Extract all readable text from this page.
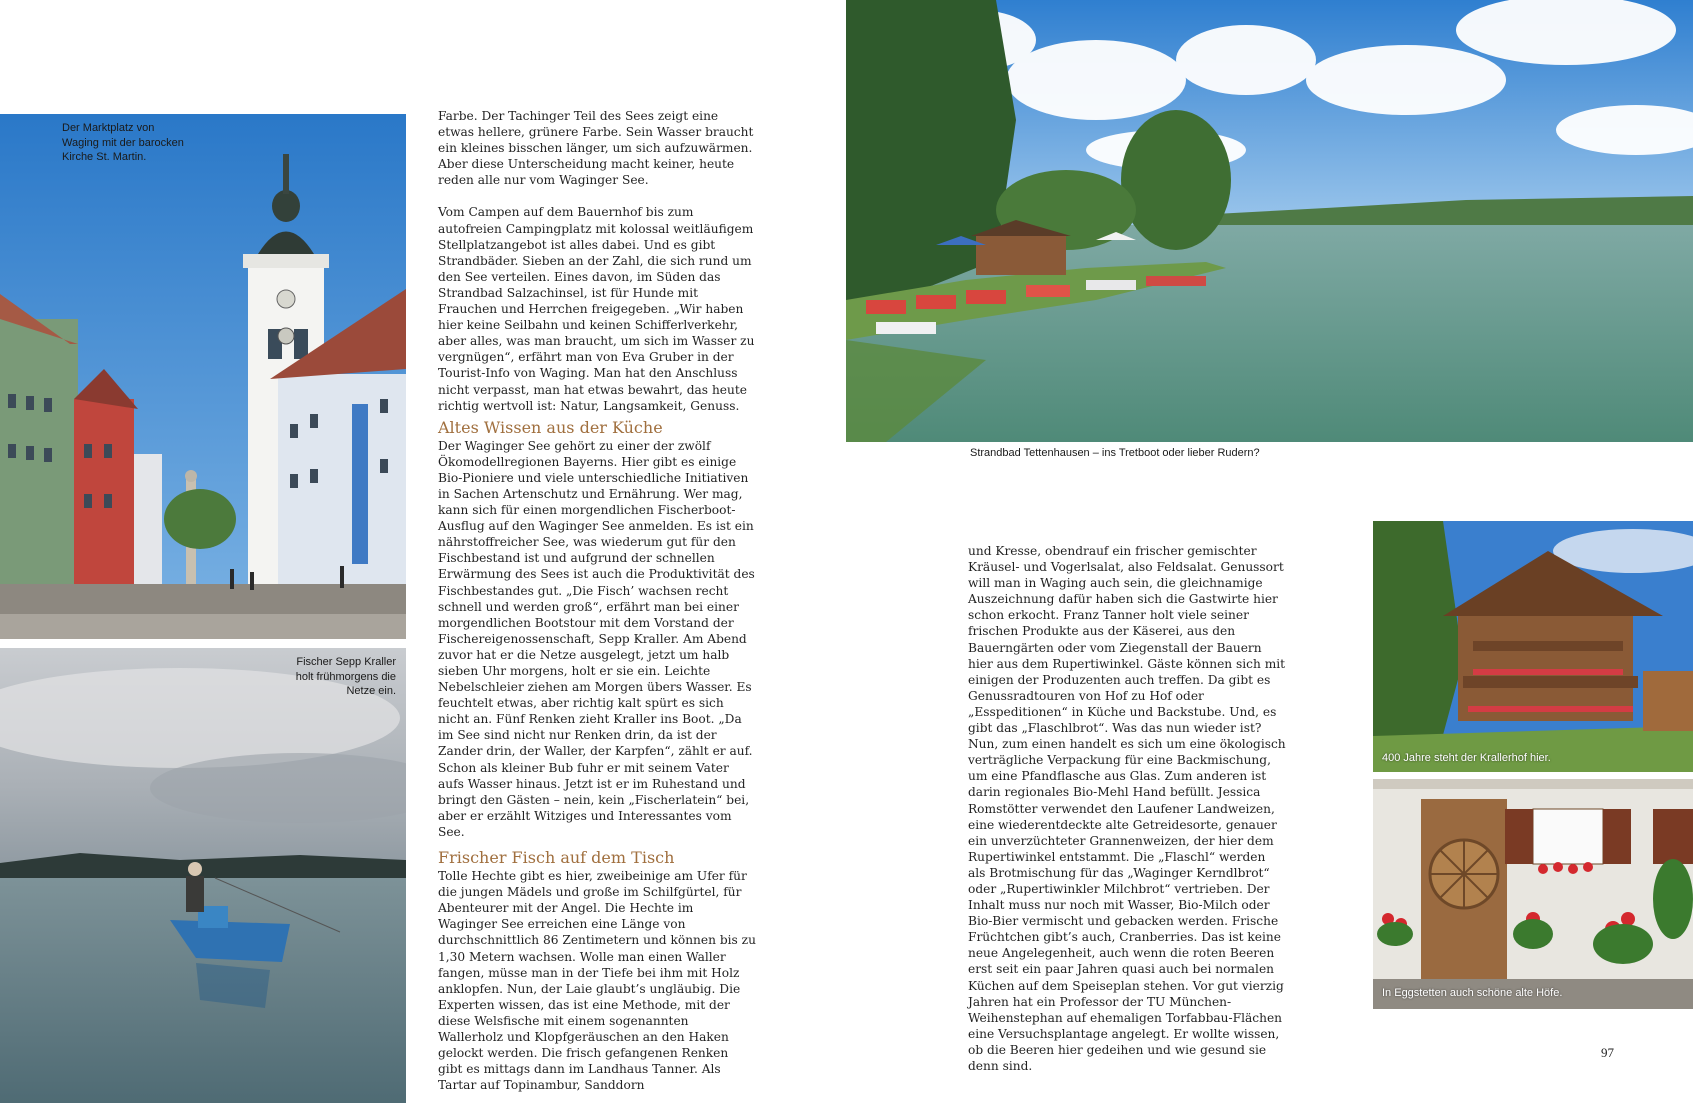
Der Marktplatz von Waging mit der barocken Kirche St. Martin.
Fischer Sepp Kraller holt frühmorgens die Netze ein.
Strandbad Tettenhausen – ins Tretboot oder lieber Rudern?
400 Jahre steht der Krallerhof hier.
In Eggstetten auch schöne alte Höfe.

Farbe. Der Tachinger Teil des Sees zeigt eine etwas hellere, grünere Farbe. Sein Wasser braucht ein kleines bisschen länger, um sich aufzuwärmen. Aber diese Unterscheidung macht keiner, heute reden alle nur vom Waginger See.

Vom Campen auf dem Bauernhof bis zum autofreien Campingplatz mit kolossal weitläufigem Stellplatzangebot ist alles dabei. Und es gibt Strandbäder. Sieben an der Zahl, die sich rund um den See verteilen. Eines davon, im Süden das Strandbad Salzachinsel, ist für Hunde mit Frauchen und Herrchen freigegeben. „Wir haben hier keine Seilbahn und keinen Schifferlverkehr, aber alles, was man braucht, um sich im Wasser zu vergnügen“, erfährt man von Eva Gruber in der Tourist-Info von Waging. Man hat den Anschluss nicht verpasst, man hat etwas bewahrt, das heute richtig wertvoll ist: Natur, Langsamkeit, Genuss.

Altes Wissen aus der Küche

Der Waginger See gehört zu einer der zwölf Ökomodellregionen Bayerns. Hier gibt es einige Bio-Pioniere und viele unterschiedliche Initiativen in Sachen Artenschutz und Ernährung. Wer mag, kann sich für einen morgendlichen Fischerboot-Ausflug auf den Waginger See anmelden. Es ist ein nährstoffreicher See, was wiederum gut für den Fischbestand ist und aufgrund der schnellen Erwärmung des Sees ist auch die Produktivität des Fischbestandes gut. „Die Fisch’ wachsen recht schnell und werden groß“, erfährt man bei einer morgendlichen Bootstour mit dem Vorstand der Fischereigenossenschaft, Sepp Kraller. Am Abend zuvor hat er die Netze ausgelegt, jetzt um halb sieben Uhr morgens, holt er sie ein. Leichte Nebelschleier ziehen am Morgen übers Wasser. Es feuchtelt etwas, aber richtig kalt spürt es sich nicht an. Fünf Renken zieht Kraller ins Boot. „Da im See sind nicht nur Renken drin, da ist der Zander drin, der Waller, der Karpfen“, zählt er auf. Schon als kleiner Bub fuhr er mit seinem Vater aufs Wasser hinaus. Jetzt ist er im Ruhestand und bringt den Gästen – nein, kein „Fischerlatein“ bei, aber er erzählt Witziges und Interessantes vom See.

Frischer Fisch auf dem Tisch

Tolle Hechte gibt es hier, zweibeinige am Ufer für die jungen Mädels und große im Schilfgürtel, für Abenteurer mit der Angel. Die Hechte im Waginger See erreichen eine Länge von durchschnittlich 86 Zentimetern und können bis zu 1,30 Metern wachsen. Wolle man einen Waller fangen, müsse man in der Tiefe bei ihm mit Holz anklopfen. Nun, der Laie glaubt’s ungläubig. Die Experten wissen, das ist eine Methode, mit der diese Welsfische mit einem sogenannten Wallerholz und Klopfgeräuschen an den Haken gelockt werden. Die frisch gefangenen Renken gibt es mittags dann im Landhaus Tanner. Als Tartar auf Topinambur, Sanddorn

und Kresse, obendrauf ein frischer gemischter Kräusel- und Vogerlsalat, also Feldsalat. Genussort will man in Waging auch sein, die gleichnamige Auszeichnung dafür haben sich die Gastwirte hier schon erkocht. Franz Tanner holt viele seiner frischen Produkte aus der Käserei, aus den Bauerngärten oder vom Ziegenstall der Bauern hier aus dem Rupertiwinkel. Gäste können sich mit einigen der Produzenten auch treffen. Da gibt es Genussradtouren von Hof zu Hof oder „Esspeditionen“ in Küche und Backstube. Und, es gibt das „Flaschlbrot“. Was das nun wieder ist? Nun, zum einen handelt es sich um eine ökologisch verträgliche Verpackung für eine Backmischung, um eine Pfandflasche aus Glas. Zum anderen ist darin regionales Bio-Mehl Hand befüllt. Jessica Romstötter verwendet den Laufener Landweizen, eine wiederentdeckte alte Getreidesorte, genauer ein unverzüchteter Grannenweizen, der hier dem Rupertiwinkel entstammt. Die „Flaschl“ werden als Brotmischung für das „Waginger Kerndlbrot“ oder „Rupertiwinkler Milchbrot“ vertrieben. Der Inhalt muss nur noch mit Wasser, Bio-Milch oder Bio-Bier vermischt und gebacken werden. Frische Früchtchen gibt’s auch, Cranberries. Das ist keine neue Angelegenheit, auch wenn die roten Beeren erst seit ein paar Jahren quasi auch bei normalen Küchen auf dem Speiseplan stehen. Vor gut vierzig Jahren hat ein Professor der TU München-Weihenstephan auf ehemaligen Torfabbau-Flächen eine Versuchsplantage angelegt. Er wollte wissen, ob die Beeren hier gedeihen und wie gesund sie denn sind.

97
